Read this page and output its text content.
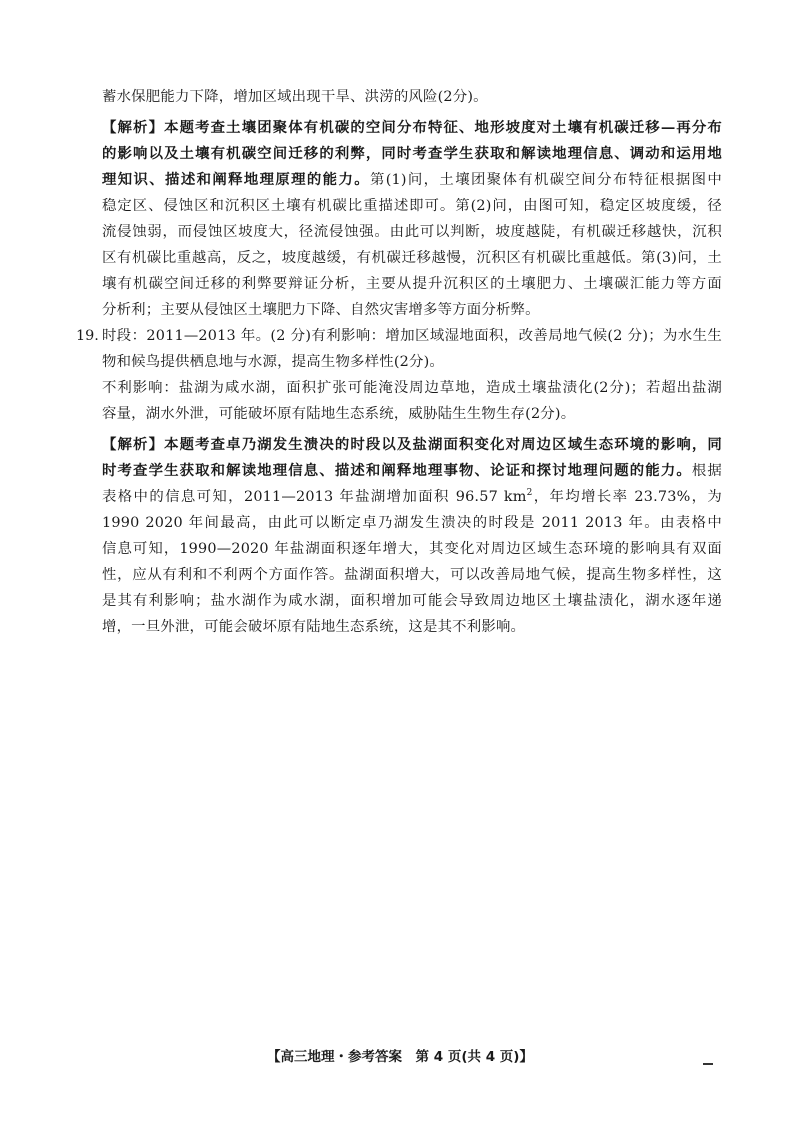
蓄水保肥能力下降，增加区域出现干旱、洪涝的风险(2分)。
【解析】本题考查土壤团聚体有机碳的空间分布特征、地形坡度对土壤有机碳迁移—再分布
的影响以及土壤有机碳空间迁移的利弊，同时考查学生获取和解读地理信息、调动和运用地
理知识、描述和阐释地理原理的能力。第(1)问，土壤团聚体有机碳空间分布特征根据图中
稳定区、侵蚀区和沉积区土壤有机碳比重描述即可。第(2)问，由图可知，稳定区坡度缓，径
流侵蚀弱，而侵蚀区坡度大，径流侵蚀强。由此可以判断，坡度越陡，有机碳迁移越快，沉积
区有机碳比重越高，反之，坡度越缓，有机碳迁移越慢，沉积区有机碳比重越低。第(3)问，土
壤有机碳空间迁移的利弊要辩证分析，主要从提升沉积区的土壤肥力、土壤碳汇能力等方面
分析利；主要从侵蚀区土壤肥力下降、自然灾害增多等方面分析弊。
19. 时段：2011—2013 年。(2 分)有利影响：增加区域湿地面积，改善局地气候(2 分)；为水生生
物和候鸟提供栖息地与水源，提高生物多样性(2分)。
不利影响：盐湖为咸水湖，面积扩张可能淹没周边草地，造成土壤盐渍化(2分)；若超出盐湖
容量，湖水外泄，可能破坏原有陆地生态系统，威胁陆生生物生存(2分)。
【解析】本题考查卓乃湖发生溃决的时段以及盐湖面积变化对周边区域生态环境的影响，同
时考查学生获取和解读地理信息、描述和阐释地理事物、论证和探讨地理问题的能力。根据
表格中的信息可知，2011—2013 年盐湖增加面积 96.57 $km^2$，年均增长率 23.73%，为
1990 2020 年间最高，由此可以断定卓乃湖发生溃决的时段是 2011 2013 年。由表格中
信息可知，1990—2020 年盐湖面积逐年增大，其变化对周边区域生态环境的影响具有双面
性，应从有利和不利两个方面作答。盐湖面积增大，可以改善局地气候，提高生物多样性，这
是其有利影响；盐水湖作为咸水湖，面积增加可能会导致周边地区土壤盐渍化，湖水逐年递
增，一旦外泄，可能会破坏原有陆地生态系统，这是其不利影响。
【高三地理・参考答案　第 4 页(共 4 页)】
